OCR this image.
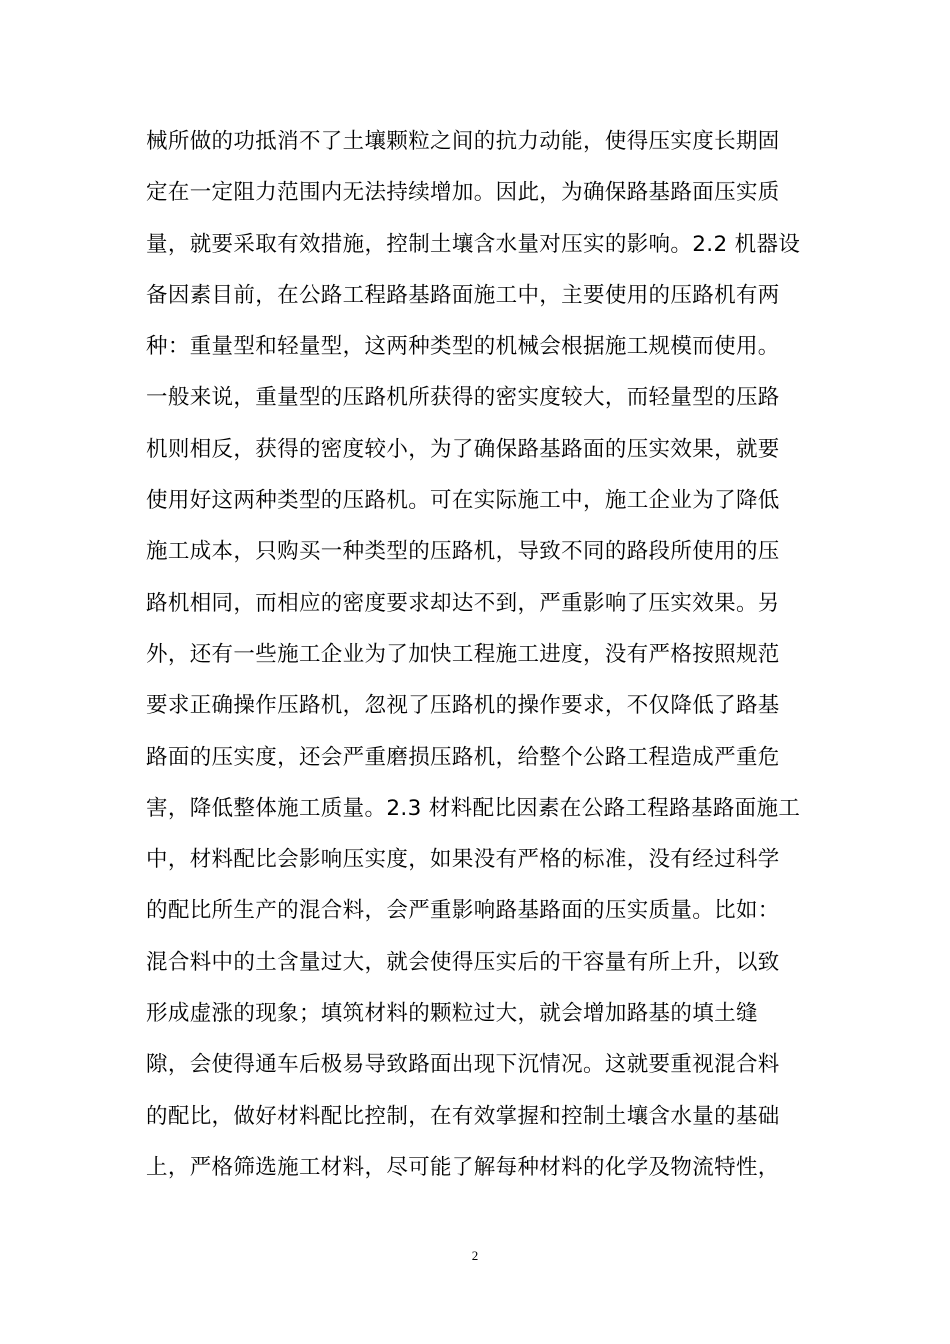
械所做的功抵消不了土壤颗粒之间的抗力动能，使得压实度长期固
定在一定阻力范围内无法持续增加。因此，为确保路基路面压实质
量，就要采取有效措施，控制土壤含水量对压实的影响。2.2 机器设
备因素目前，在公路工程路基路面施工中，主要使用的压路机有两
种：重量型和轻量型，这两种类型的机械会根据施工规模而使用。
一般来说，重量型的压路机所获得的密实度较大，而轻量型的压路
机则相反，获得的密度较小，为了确保路基路面的压实效果，就要
使用好这两种类型的压路机。可在实际施工中，施工企业为了降低
施工成本，只购买一种类型的压路机，导致不同的路段所使用的压
路机相同，而相应的密度要求却达不到，严重影响了压实效果。另
外，还有一些施工企业为了加快工程施工进度，没有严格按照规范
要求正确操作压路机，忽视了压路机的操作要求，不仅降低了路基
路面的压实度，还会严重磨损压路机，给整个公路工程造成严重危
害，降低整体施工质量。2.3 材料配比因素在公路工程路基路面施工
中，材料配比会影响压实度，如果没有严格的标准，没有经过科学
的配比所生产的混合料，会严重影响路基路面的压实质量。比如：
混合料中的土含量过大，就会使得压实后的干容量有所上升，以致
形成虚涨的现象；填筑材料的颗粒过大，就会增加路基的填土缝
隙，会使得通车后极易导致路面出现下沉情况。这就要重视混合料
的配比，做好材料配比控制，在有效掌握和控制土壤含水量的基础
上，严格筛选施工材料，尽可能了解每种材料的化学及物流特性，
2
